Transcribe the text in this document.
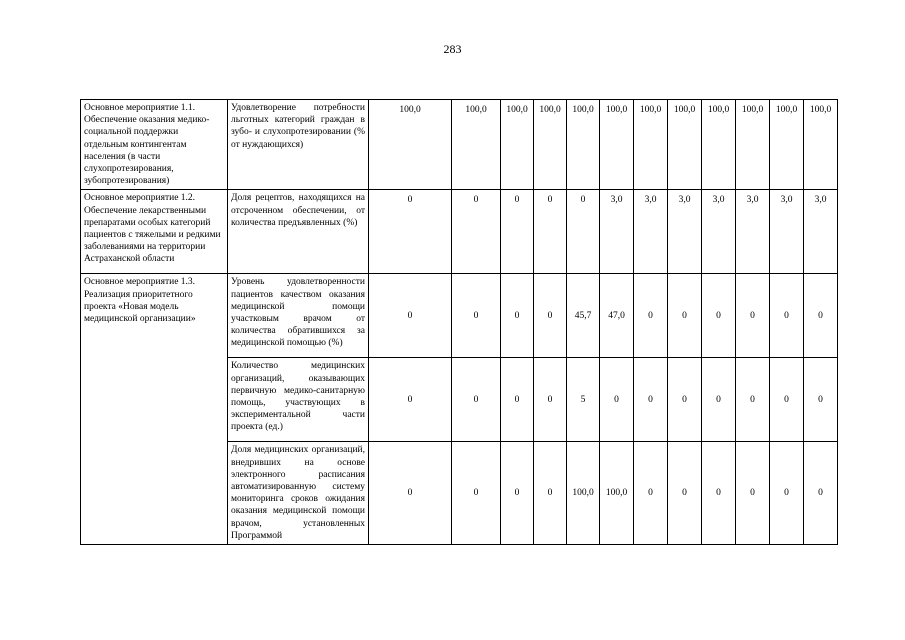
283
Основное мероприятие 1.1. Обеспечение оказания медико-социальной поддержки отдельным контингентам населения (в части слухопротезирования, зубопротезирования)	Удовлетворение потребности льготных категорий граждан в зубо- и слухопротезировании (% от нуждающихся)	100,0	100,0	100,0	100,0	100,0	100,0	100,0	100,0	100,0	100,0	100,0	100,0
Основное мероприятие 1.2. Обеспечение лекарственными препаратами особых категорий пациентов с тяжелыми и редкими заболеваниями на территории Астраханской области	Доля рецептов, находящихся на отсроченном обеспечении, от количества предъявленных (%)	0	0	0	0	0	3,0	3,0	3,0	3,0	3,0	3,0	3,0
Основное мероприятие 1.3. Реализация приоритетного проекта «Новая модель медицинской организации»	Уровень удовлетворенности пациентов качеством оказания медицинской помощи участковым врачом от количества обратившихся за медицинской помощью (%)	0	0	0	0	45,7	47,0	0	0	0	0	0	0
	Количество медицинских организаций, оказывающих первичную медико-санитарную помощь, участвующих в экспериментальной части проекта (ед.)	0	0	0	0	5	0	0	0	0	0	0	0
	Доля медицинских организаций, внедривших на основе электронного расписания автоматизированную систему мониторинга сроков ожидания оказания медицинской помощи врачом, установленных Программой	0	0	0	0	100,0	100,0	0	0	0	0	0	0
